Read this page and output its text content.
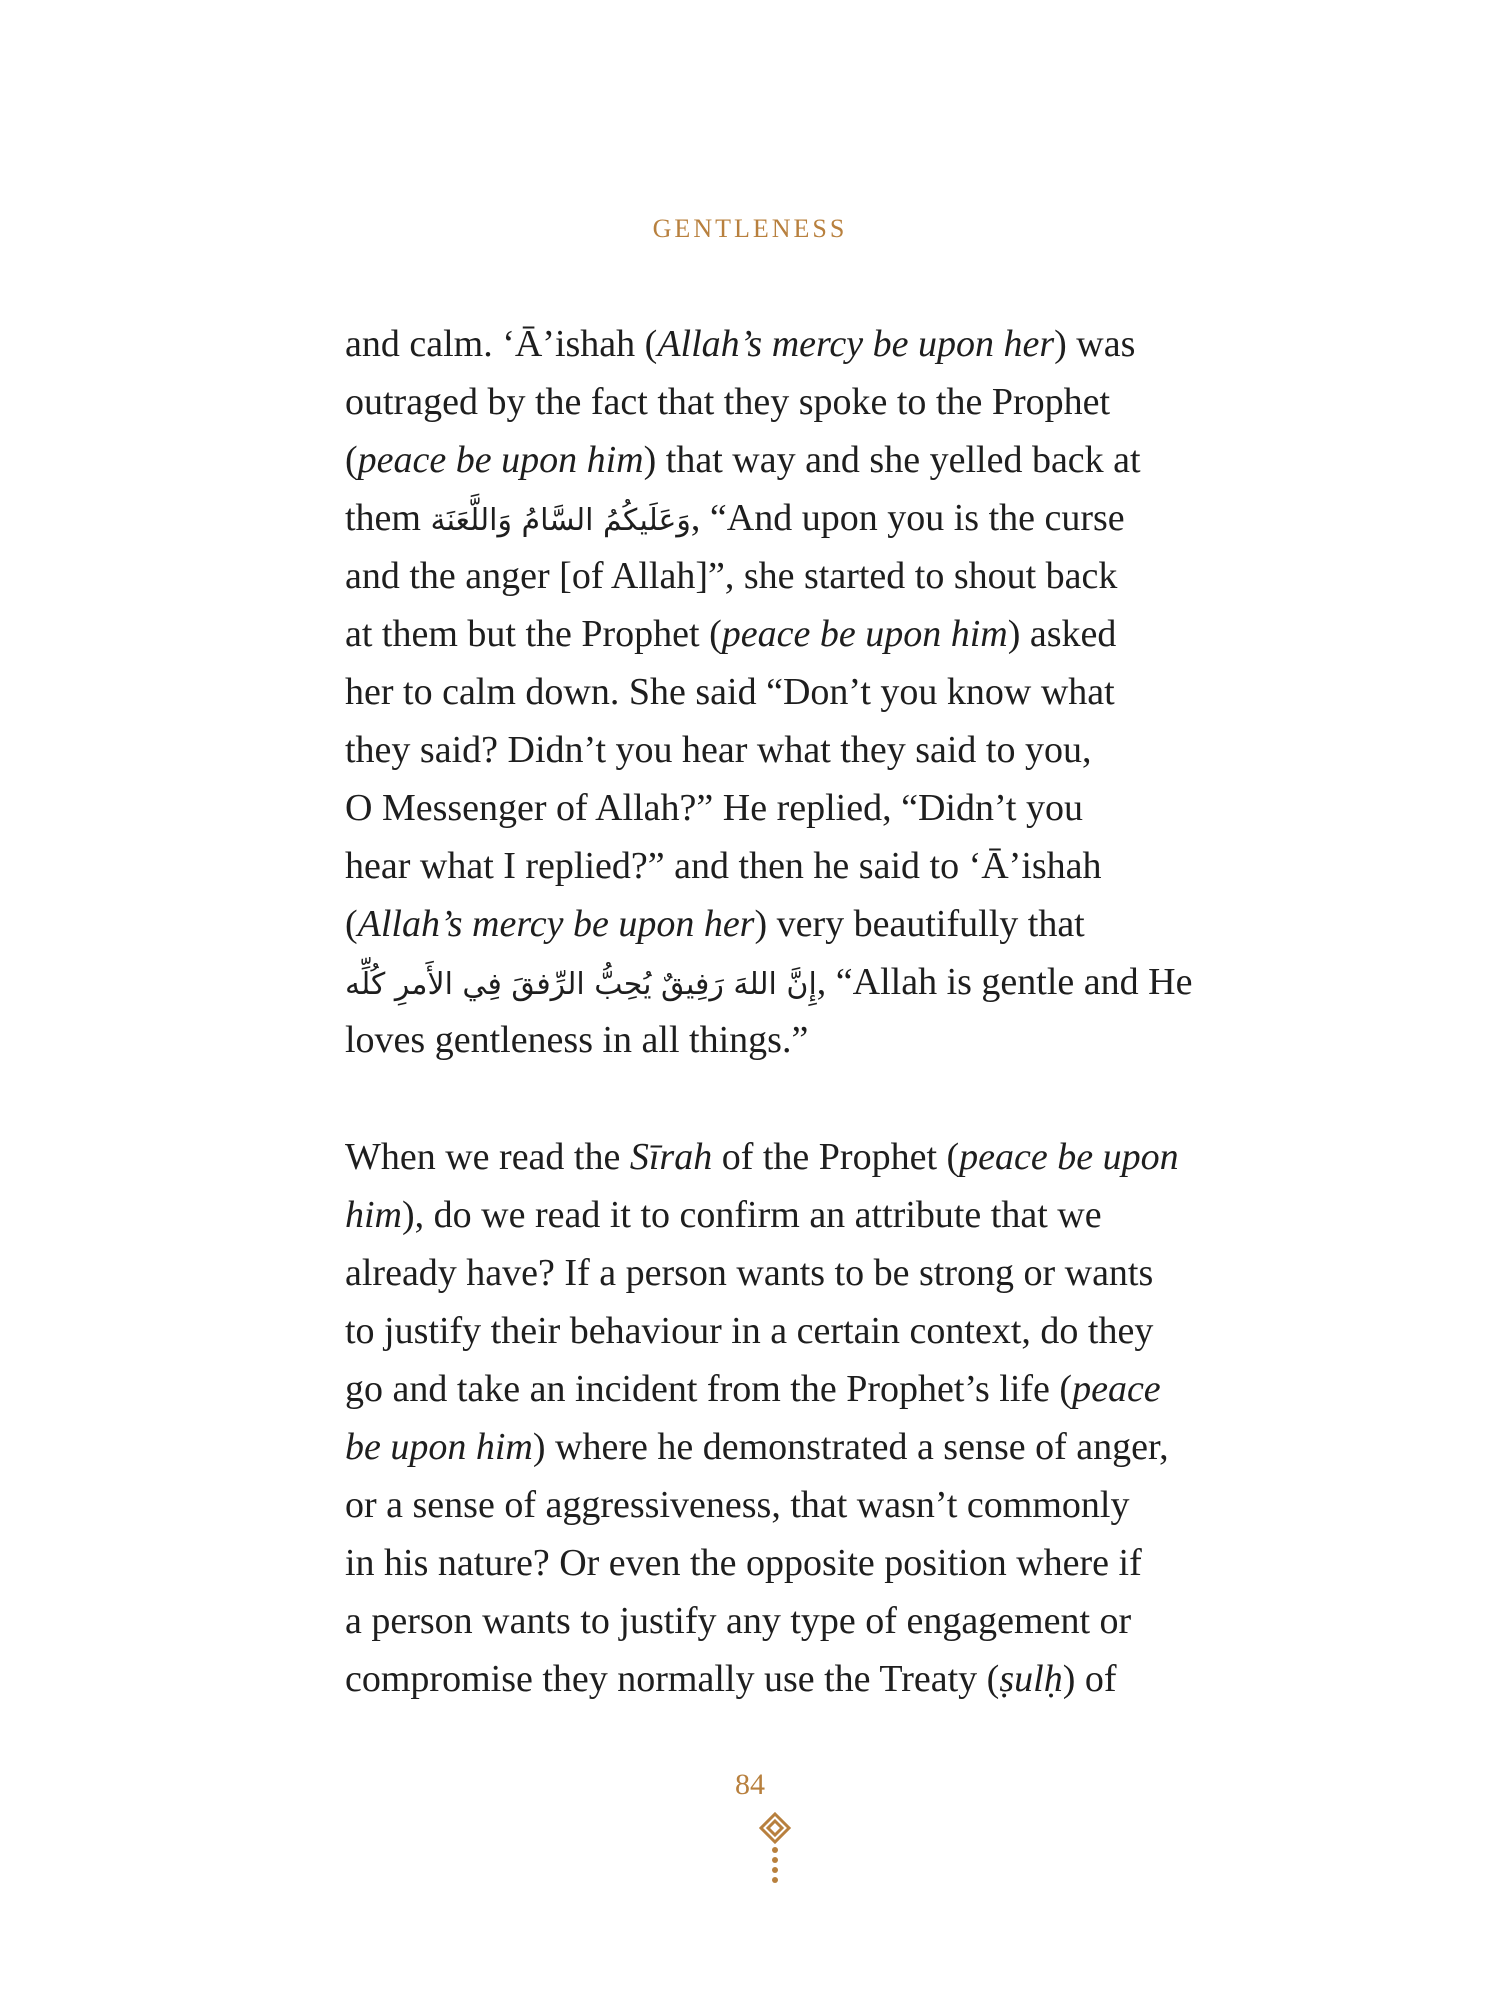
GENTLENESS
and calm. ‘Ā’ishah (Allah’s mercy be upon her) was
outraged by the fact that they spoke to the Prophet
(peace be upon him) that way and she yelled back at
them وَعَلَيكُمُ السَّامُ وَاللَّعَنَة, “And upon you is the curse
and the anger [of Allah]”, she started to shout back
at them but the Prophet (peace be upon him) asked
her to calm down. She said “Don’t you know what
they said? Didn’t you hear what they said to you,
O Messenger of Allah?” He replied, “Didn’t you
hear what I replied?” and then he said to ‘Ā’ishah
(Allah’s mercy be upon her) very beautifully that
إِنَّ اللهَ رَفِيقٌ يُحِبُّ الرِّفقَ فِي الأَمرِ كُلِّه, “Allah is gentle and He
loves gentleness in all things.”
When we read the Sīrah of the Prophet (peace be upon
him), do we read it to confirm an attribute that we
already have? If a person wants to be strong or wants
to justify their behaviour in a certain context, do they
go and take an incident from the Prophet’s life (peace
be upon him) where he demonstrated a sense of anger,
or a sense of aggressiveness, that wasn’t commonly
in his nature? Or even the opposite position where if
a person wants to justify any type of engagement or
compromise they normally use the Treaty (ṣulḥ) of
84
